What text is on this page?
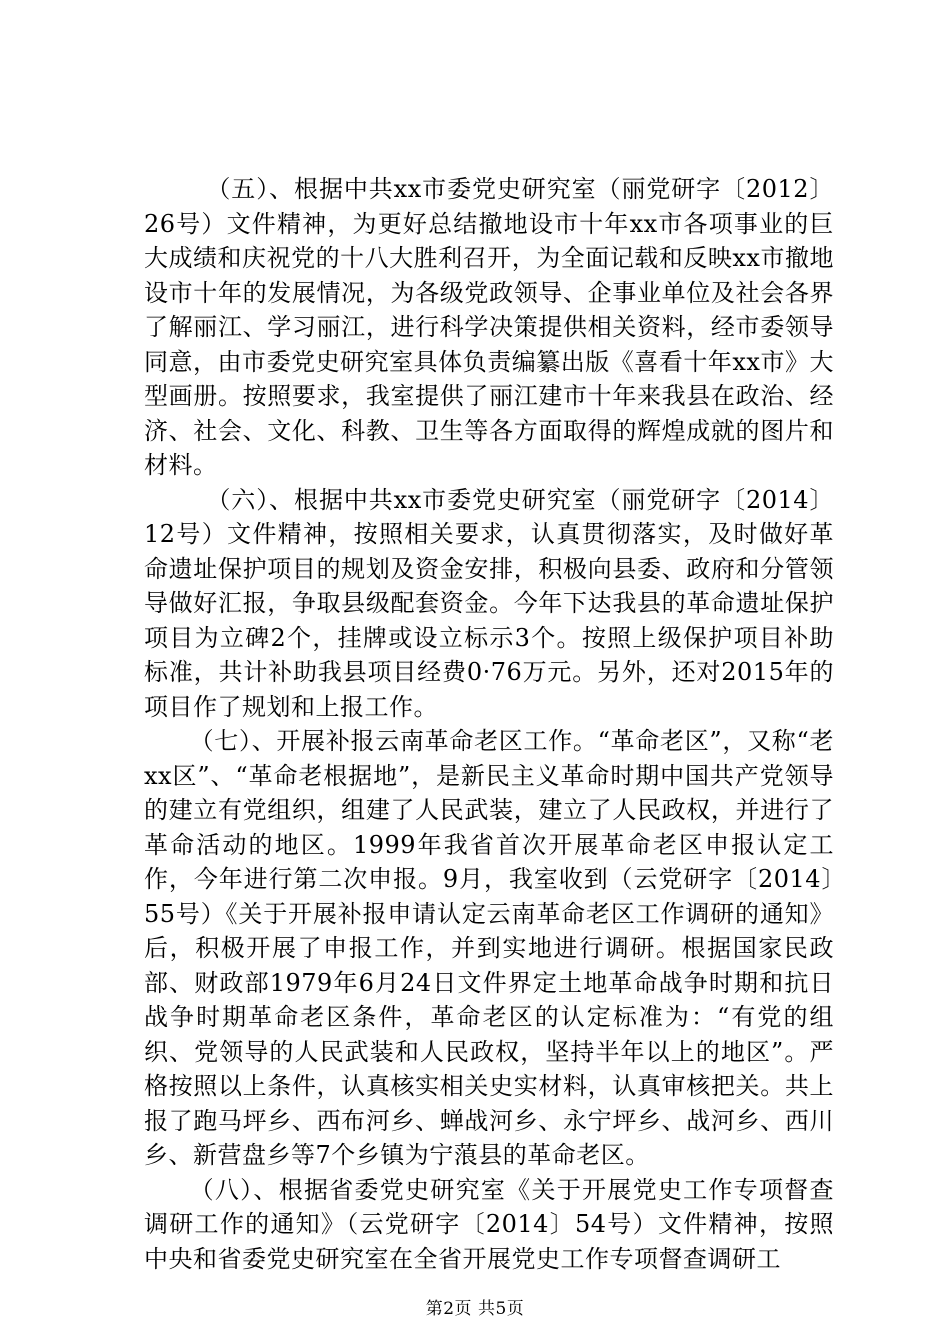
（五）、根据中共xx市委党史研究室（丽党研字〔2012〕26号）文件精神，为更好总结撤地设市十年xx市各项事业的巨大成绩和庆祝党的十八大胜利召开，为全面记载和反映xx市撤地设市十年的发展情况，为各级党政领导、企事业单位及社会各界了解丽江、学习丽江，进行科学决策提供相关资料，经市委领导同意，由市委党史研究室具体负责编纂出版《喜看十年xx市》大型画册。按照要求，我室提供了丽江建市十年来我县在政治、经济、社会、文化、科教、卫生等各方面取得的辉煌成就的图片和材料。

（六）、根据中共xx市委党史研究室（丽党研字〔2014〕12号）文件精神，按照相关要求，认真贯彻落实，及时做好革命遗址保护项目的规划及资金安排，积极向县委、政府和分管领导做好汇报，争取县级配套资金。今年下达我县的革命遗址保护项目为立碑2个，挂牌或设立标示3个。按照上级保护项目补助标准，共计补助我县项目经费0·76万元。另外，还对2015年的项目作了规划和上报工作。

（七）、开展补报云南革命老区工作。“革命老区”，又称“老xx区”、“革命老根据地”，是新民主义革命时期中国共产党领导的建立有党组织，组建了人民武装，建立了人民政权，并进行了革命活动的地区。1999年我省首次开展革命老区申报认定工作，今年进行第二次申报。9月，我室收到（云党研字〔2014〕55号）《关于开展补报申请认定云南革命老区工作调研的通知》后，积极开展了申报工作，并到实地进行调研。根据国家民政部、财政部1979年6月24日文件界定土地革命战争时期和抗日战争时期革命老区条件，革命老区的认定标准为：“有党的组织、党领导的人民武装和人民政权，坚持半年以上的地区”。严格按照以上条件，认真核实相关史实材料，认真审核把关。共上报了跑马坪乡、西布河乡、蝉战河乡、永宁坪乡、战河乡、西川乡、新营盘乡等7个乡镇为宁蒗县的革命老区。

（八）、根据省委党史研究室《关于开展党史工作专项督查调研工作的通知》（云党研字〔2014〕54号）文件精神，按照中央和省委党史研究室在全省开展党史工作专项督查调研工

第2页 共5页
